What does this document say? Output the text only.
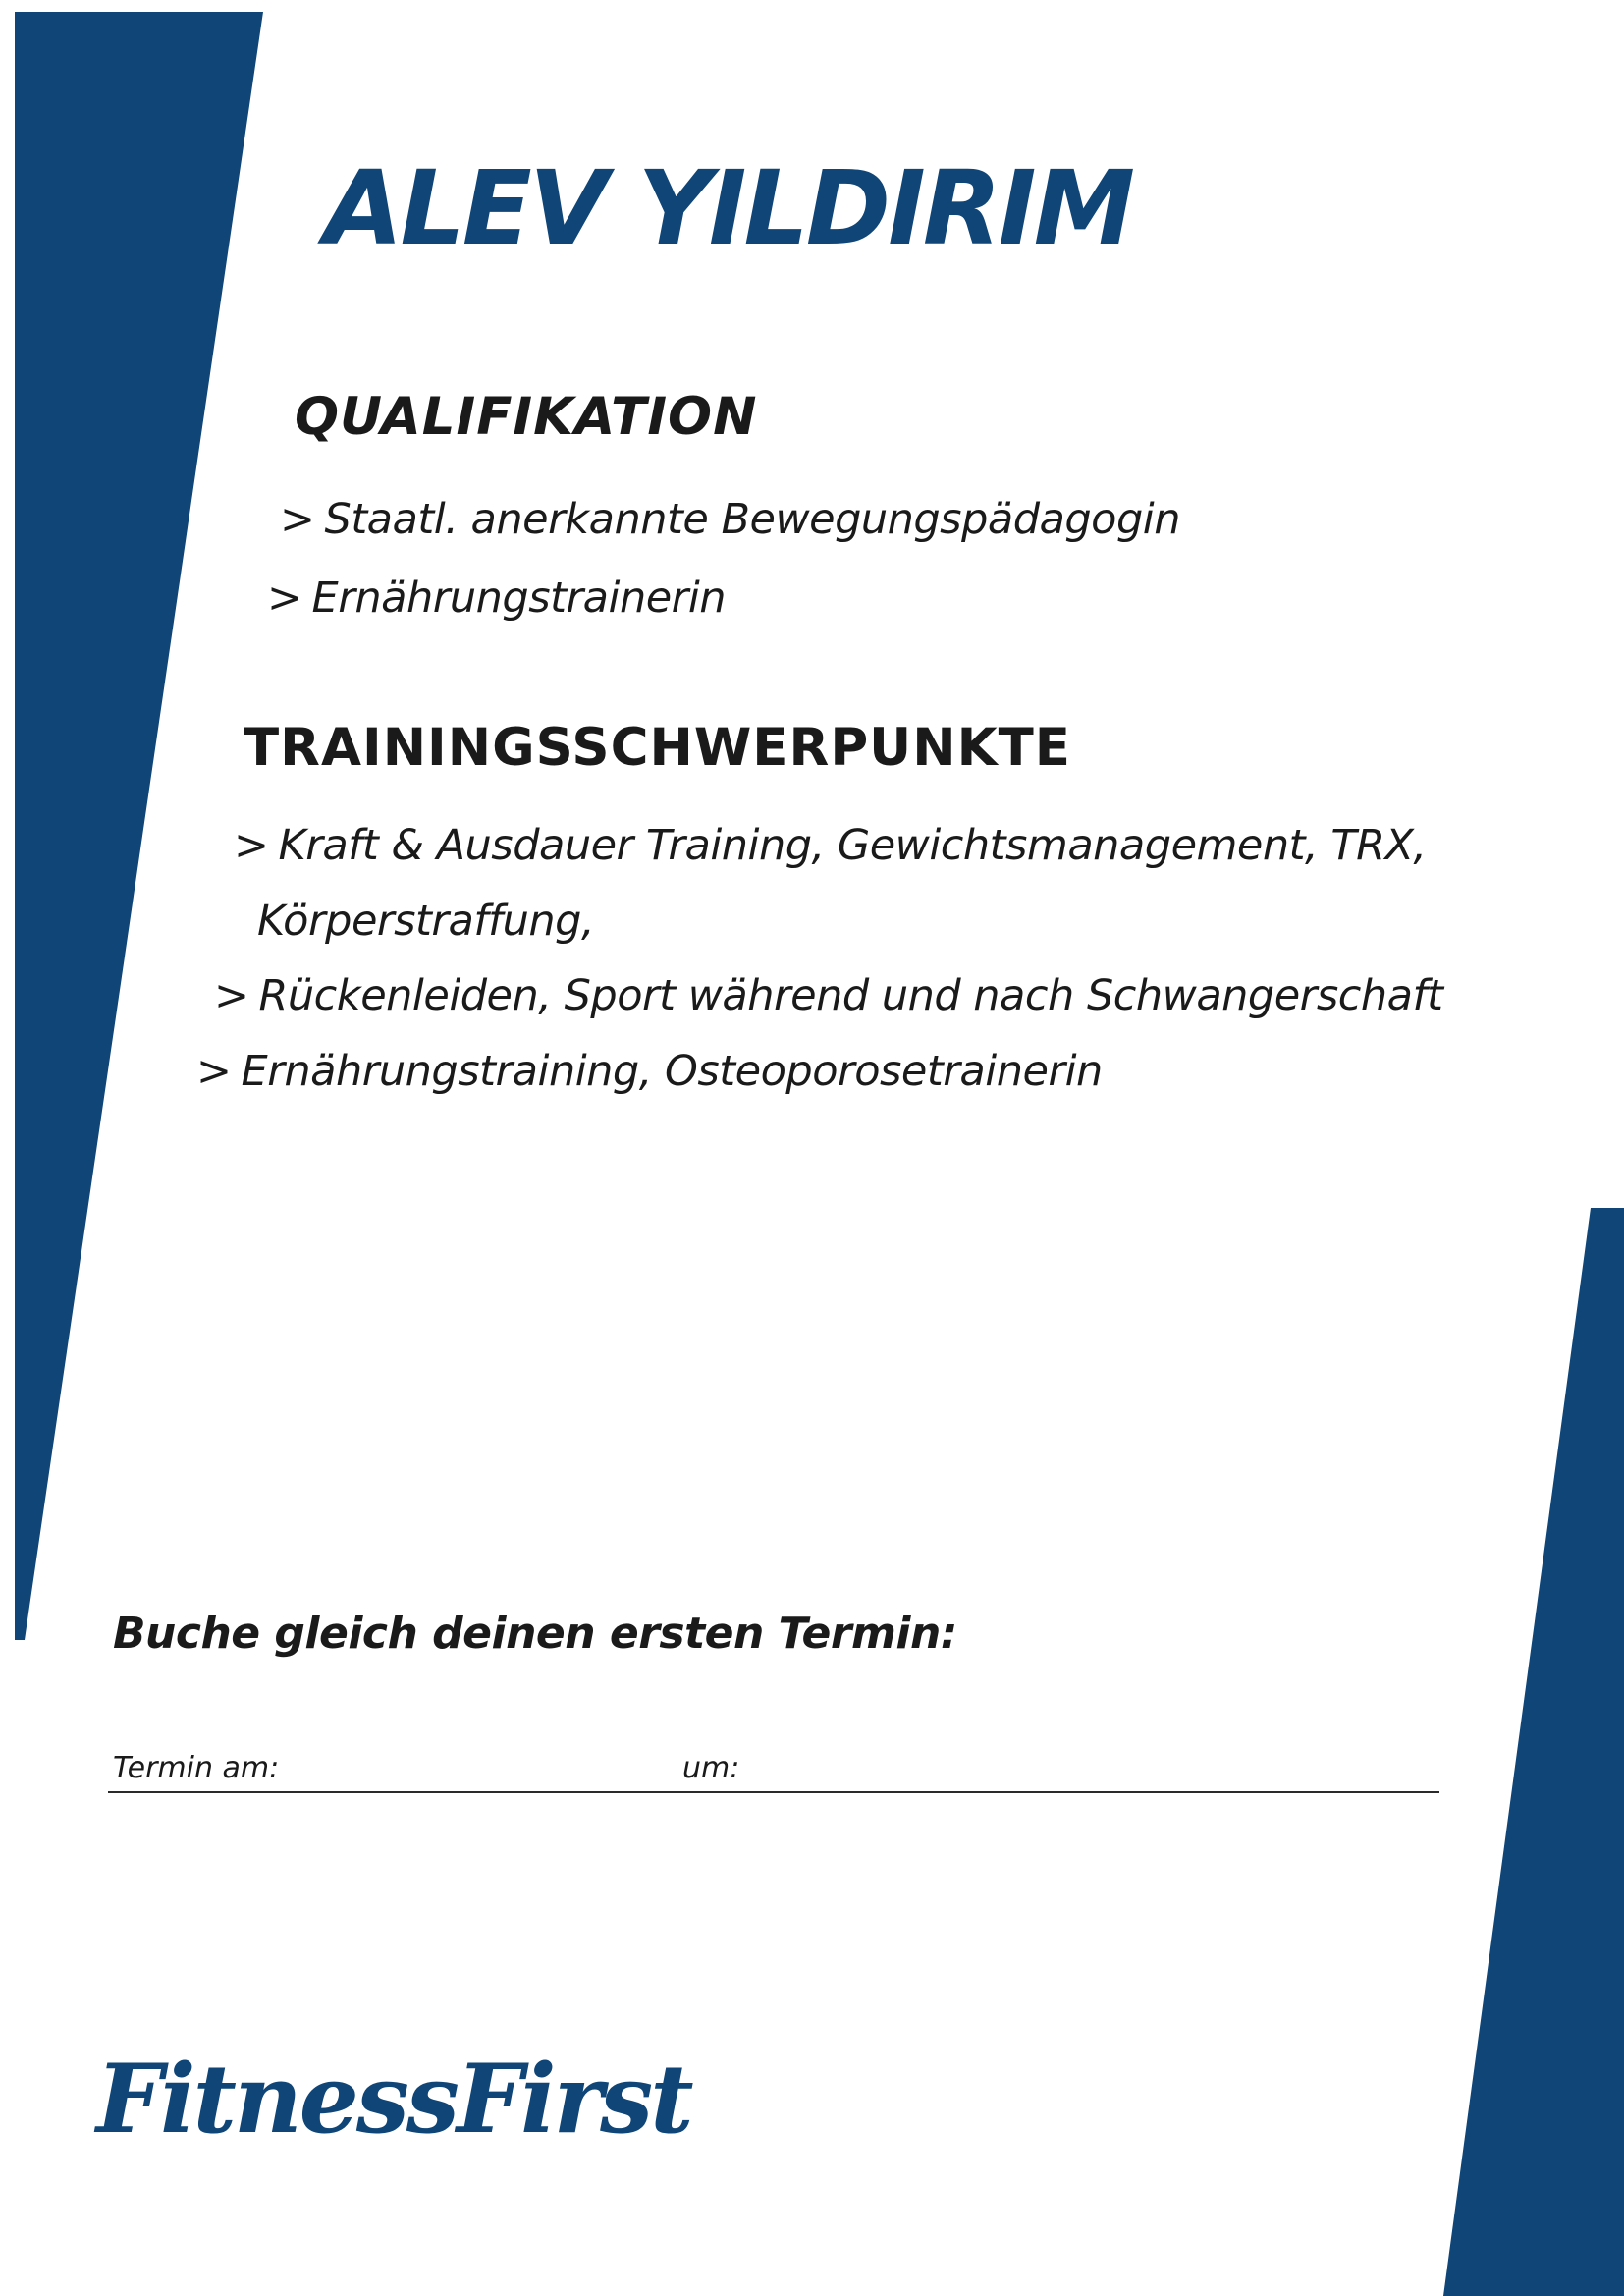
ALEV YILDIRIM
QUALIFIKATION

> Staatl. anerkannte Bewegungspädagogin

> Ernährungstrainerin

TRAININGSSCHWERPUNKTE

> Kraft & Ausdauer Training, Gewichtsmanagement, TRX,

Körperstraffung,

> Rückenleiden, Sport während und nach Schwangerschaft

> Ernährungstraining, Osteoporosetrainerin

Buche gleich deinen ersten Termin:

Termin am:	um:
FitnessFirst
